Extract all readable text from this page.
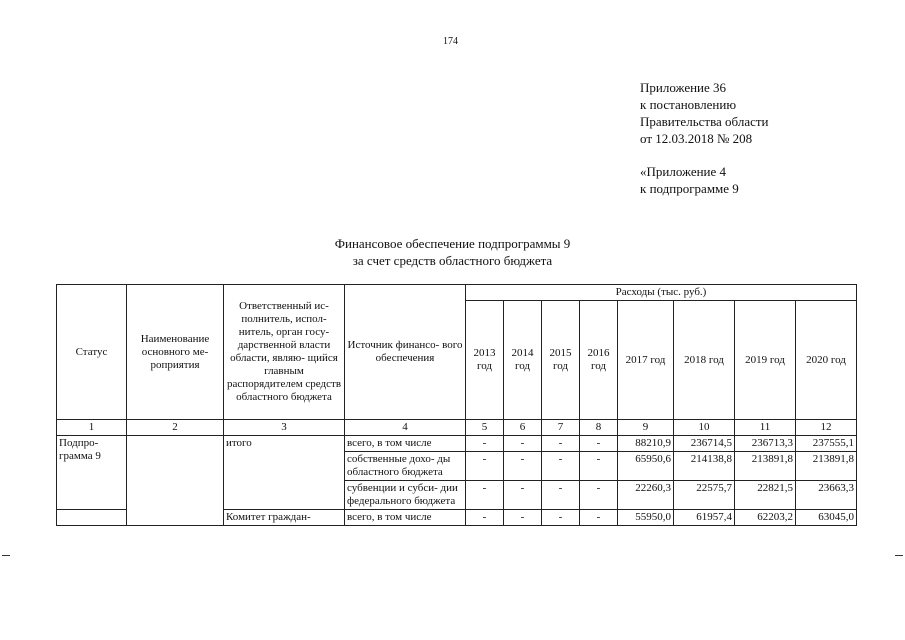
174
Приложение 36
к постановлению
Правительства области
от 12.03.2018 № 208
«Приложение 4
к подпрограмме 9
Финансовое обеспечение подпрограммы 9
за счет средств областного бюджета
Статус	Наименование основного ме- роприятия	Ответственный ис- полнитель, испол- нитель, орган госу- дарственной власти области, являю- щийся главным распорядителем средств областного бюджета	Источник финансо- вого обеспечения	Расходы (тыс. руб.)							
				2013 год	2014 год	2015 год	2016 год	2017 год	2018 год	2019 год	2020 год
1	2	3	4	5	6	7	8	9	10	11	12
Подпро- грамма 9		итого	всего, в том числе	-	-	-	-	88210,9	236714,5	236713,3	237555,1
			собственные дохо- ды областного бюджета	-	-	-	-	65950,6	214138,8	213891,8	213891,8
			субвенции и субси- дии федерального бюджета	-	-	-	-	22260,3	22575,7	22821,5	23663,3
		Комитет граждан-	всего, в том числе	-	-	-	-	55950,0	61957,4	62203,2	63045,0
